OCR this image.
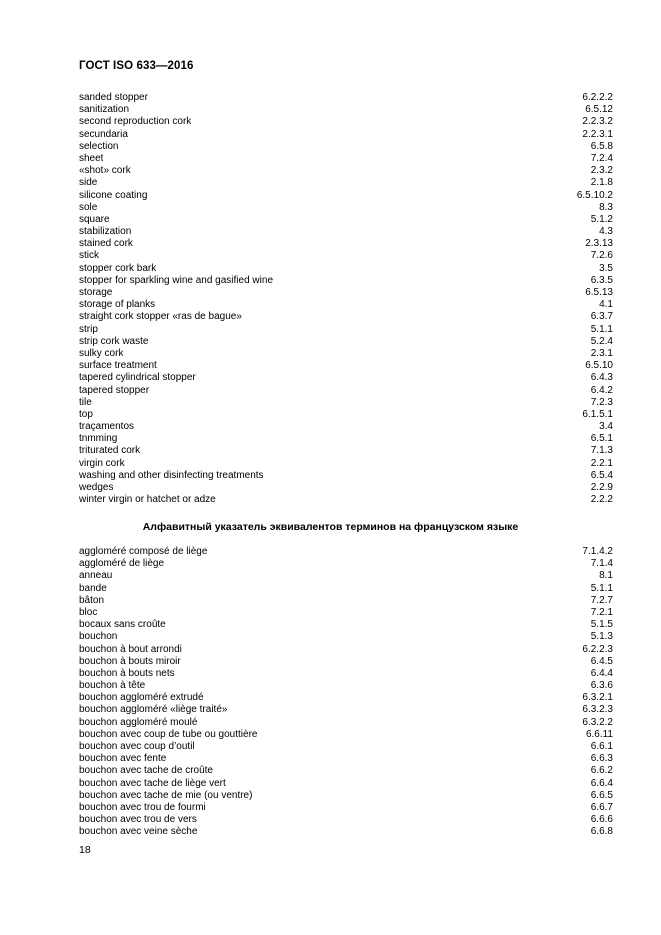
ГОСТ ISO 633—2016
sanded stopper	6.2.2.2
sanitization	6.5.12
second reproduction cork	2.2.3.2
secundaria	2.2.3.1
selection	6.5.8
sheet	7.2.4
«shot» cork	2.3.2
side	2.1.8
silicone coating	6.5.10.2
sole	8.3
square	5.1.2
stabilization	4.3
stained cork	2.3.13
stick	7.2.6
stopper cork bark	3.5
stopper for sparkling wine and gasified wine	6.3.5
storage	6.5.13
storage of planks	4.1
straight cork stopper «ras de bague»	6.3.7
strip	5.1.1
strip cork waste	5.2.4
sulky cork	2.3.1
surface treatment	6.5.10
tapered cylindrical stopper	6.4.3
tapered stopper	6.4.2
tile	7.2.3
top	6.1.5.1
traçamentos	3.4
tnmming	6.5.1
triturated cork	7.1.3
virgin cork	2.2.1
washing and other disinfecting treatments	6.5.4
wedges	2.2.9
winter virgin or hatchet or adze	2.2.2
Алфавитный указатель эквивалентов терминов на французском языке
aggloméré composé de liège	7.1.4.2
aggloméré de liège	7.1.4
anneau	8.1
bande	5.1.1
bâton	7.2.7
bloc	7.2.1
bocaux sans croûte	5.1.5
bouchon	5.1.3
bouchon à bout arrondi	6.2.2.3
bouchon à bouts miroir	6.4.5
bouchon à bouts nets	6.4.4
bouchon à tête	6.3.6
bouchon aggloméré extrudé	6.3.2.1
bouchon aggloméré «liège traité»	6.3.2.3
bouchon aggloméré moulé	6.3.2.2
bouchon avec coup de tube ou gouttière	6.6.11
bouchon avec coup d’outil	6.6.1
bouchon avec fente	6.6.3
bouchon avec tache de croûte	6.6.2
bouchon avec tache de liège vert	6.6.4
bouchon avec tache de mie (ou ventre)	6.6.5
bouchon avec trou de fourmi	6.6.7
bouchon avec trou de vers	6.6.6
bouchon avec veine sèche	6.6.8
18
